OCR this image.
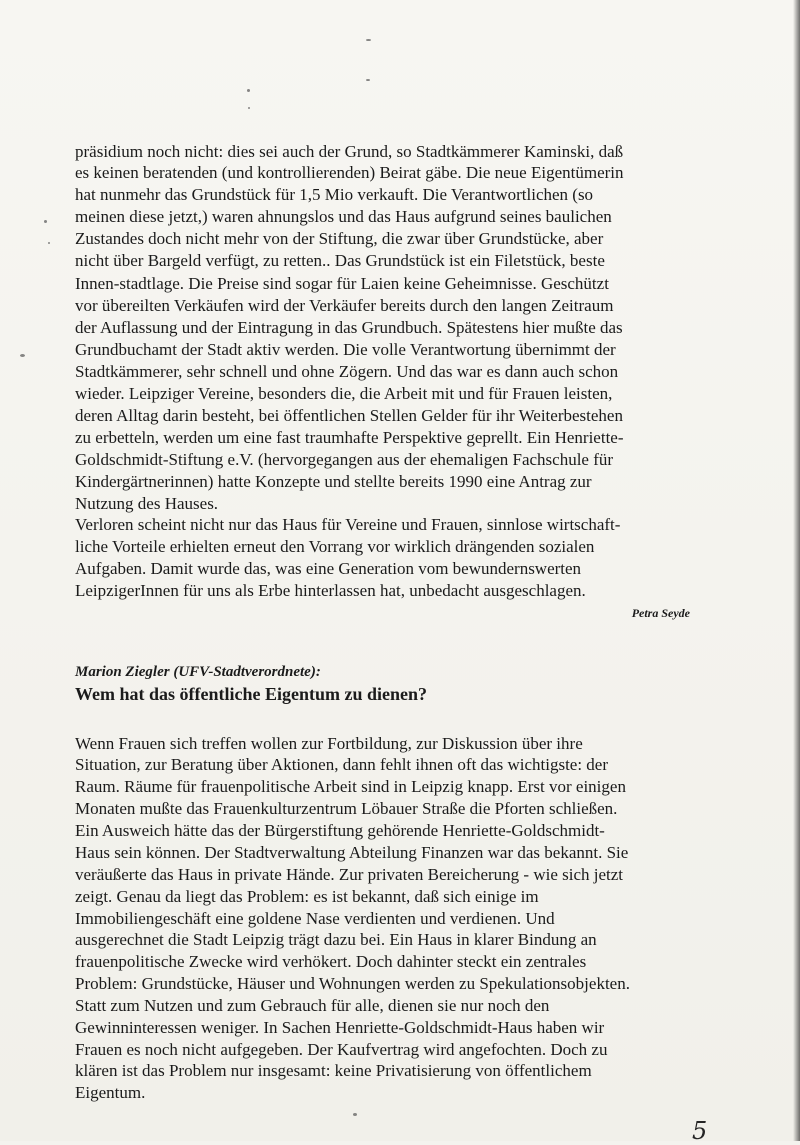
präsidium noch nicht: dies sei auch der Grund, so Stadtkämmerer Kaminski, daß
es keinen beratenden (und kontrollierenden) Beirat gäbe. Die neue Eigentümerin
hat nunmehr das Grundstück für 1,5 Mio verkauft. Die Verantwortlichen (so
meinen diese jetzt,) waren ahnungslos und das Haus aufgrund seines baulichen
Zustandes doch nicht mehr von der Stiftung, die zwar über Grundstücke, aber
nicht über Bargeld verfügt, zu retten.. Das Grundstück ist ein Filetstück, beste
Innen-stadtlage. Die Preise sind sogar für Laien keine Geheimnisse. Geschützt
vor übereilten Verkäufen wird der Verkäufer bereits durch den langen Zeitraum
der Auflassung und der Eintragung in das Grundbuch. Spätestens hier mußte das
Grundbuchamt der Stadt aktiv werden. Die volle Verantwortung übernimmt der
Stadtkämmerer, sehr schnell und ohne Zögern. Und das war es dann auch schon
wieder. Leipziger Vereine, besonders die, die Arbeit mit und für Frauen leisten,
deren Alltag darin besteht, bei öffentlichen Stellen Gelder für ihr Weiterbestehen
zu erbetteln, werden um eine fast traumhafte Perspektive geprellt. Ein Henriette-
Goldschmidt-Stiftung e.V. (hervorgegangen aus der ehemaligen Fachschule für
Kindergärtnerinnen) hatte Konzepte und stellte bereits 1990 eine Antrag zur
Nutzung des Hauses.
Verloren scheint nicht nur das Haus für Vereine und Frauen, sinnlose wirtschaft-
liche Vorteile erhielten erneut den Vorrang vor wirklich drängenden sozialen
Aufgaben. Damit wurde das, was eine Generation vom bewundernswerten
LeipzigerInnen für uns als Erbe hinterlassen hat, unbedacht ausgeschlagen.
Petra Seyde
Marion Ziegler (UFV-Stadtverordnete):
Wem hat das öffentliche Eigentum zu dienen?
Wenn Frauen sich treffen wollen zur Fortbildung, zur Diskussion über ihre
Situation, zur Beratung über Aktionen, dann fehlt ihnen oft das wichtigste: der
Raum. Räume für frauenpolitische Arbeit sind in Leipzig knapp. Erst vor einigen
Monaten mußte das Frauenkulturzentrum Löbauer Straße die Pforten schließen.
Ein Ausweich hätte das der Bürgerstiftung gehörende Henriette-Goldschmidt-
Haus sein können. Der Stadtverwaltung Abteilung Finanzen war das bekannt. Sie
veräußerte das Haus in private Hände. Zur privaten Bereicherung - wie sich jetzt
zeigt. Genau da liegt das Problem: es ist bekannt, daß sich einige im
Immobiliengeschäft eine goldene Nase verdienten und verdienen. Und
ausgerechnet die Stadt Leipzig trägt dazu bei. Ein Haus in klarer Bindung an
frauenpolitische Zwecke wird verhökert. Doch dahinter steckt ein zentrales
Problem: Grundstücke, Häuser und Wohnungen werden zu Spekulationsobjekten.
Statt zum Nutzen und zum Gebrauch für alle, dienen sie nur noch den
Gewinninteressen weniger. In Sachen Henriette-Goldschmidt-Haus haben wir
Frauen es noch nicht aufgegeben. Der Kaufvertrag wird angefochten. Doch zu
klären ist das Problem nur insgesamt: keine Privatisierung von öffentlichem
Eigentum.
5
